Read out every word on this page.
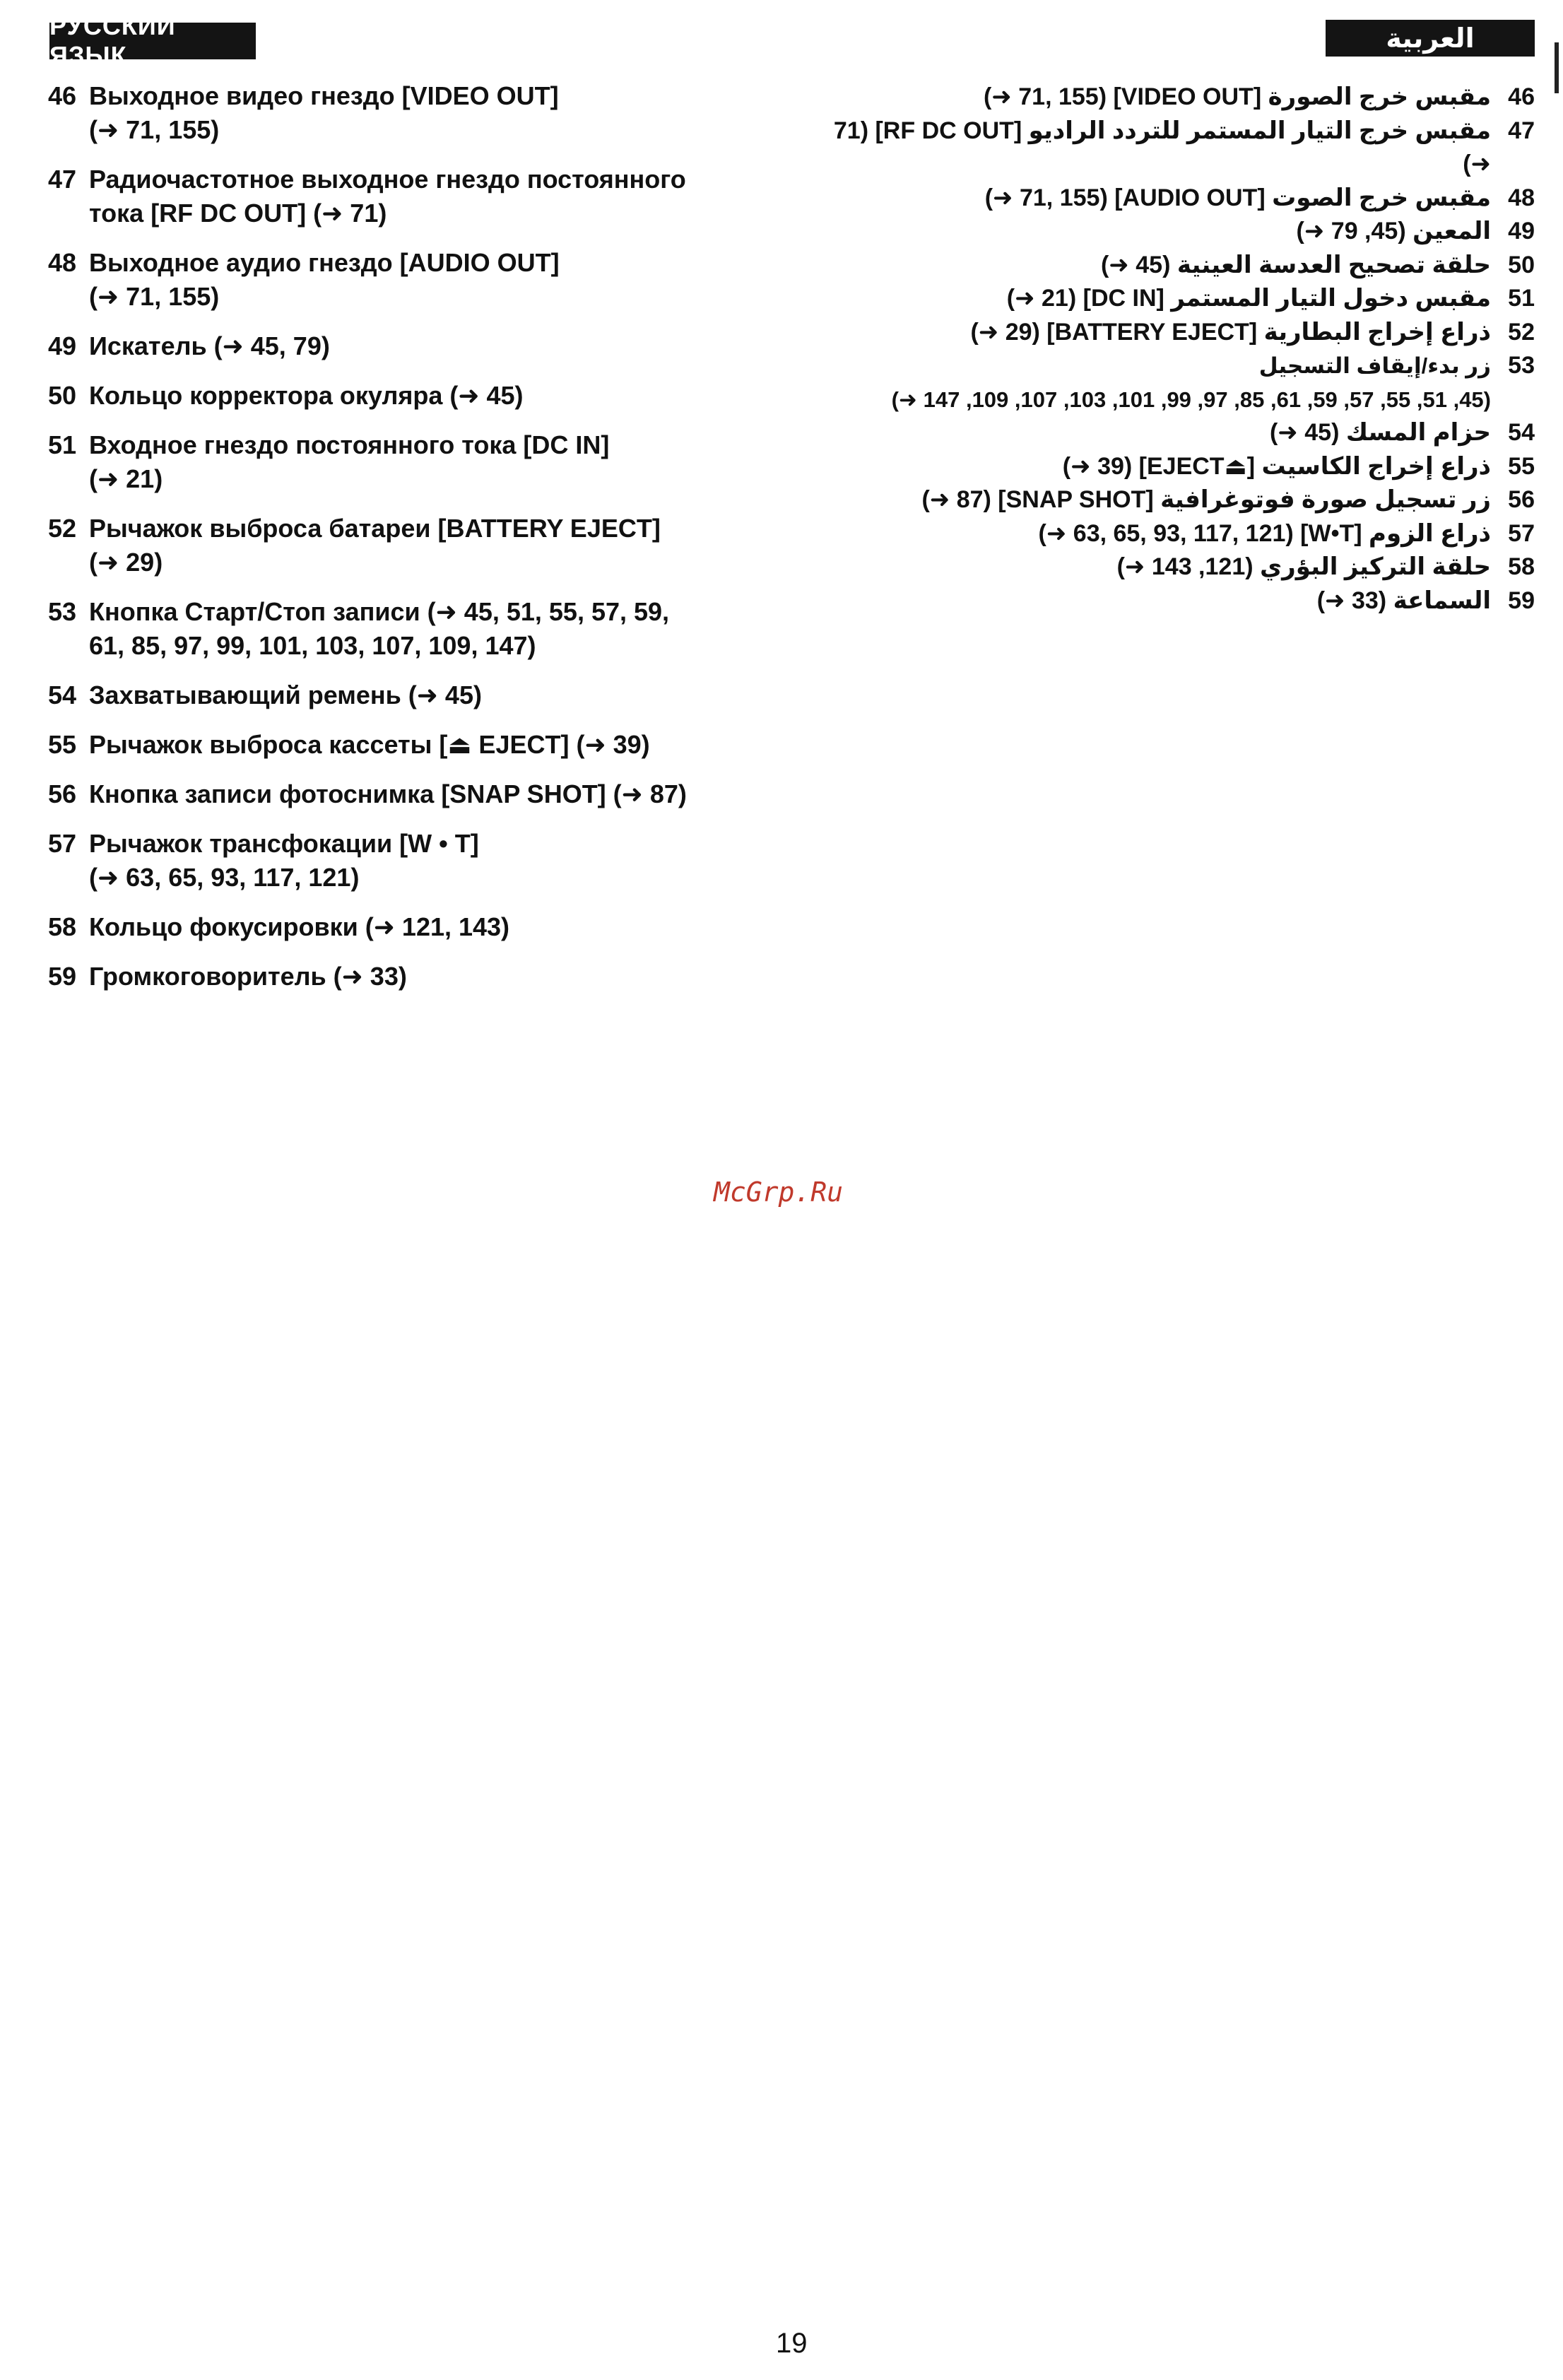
РУССКИЙ ЯЗЫК
العربية
46 Выходное видео гнездо [VIDEO OUT]
(➜ 71, 155)
47 Радиочастотное выходное гнездо постоянного
тока [RF DC OUT] (➜ 71)
48 Выходное аудио гнездо [AUDIO OUT]
(➜ 71, 155)
49 Искатель (➜ 45, 79)
50 Кольцо корректора окуляра (➜ 45)
51 Входное гнездо постоянного тока [DC IN]
(➜ 21)
52 Рычажок выброса батареи [BATTERY EJECT]
(➜ 29)
53 Кнопка Старт/Стоп записи (➜ 45, 51, 55, 57, 59,
61, 85, 97, 99, 101, 103, 107, 109, 147)
54 Захватывающий ремень (➜ 45)
55 Рычажок выброса кассеты [⏏ EJECT] (➜ 39)
56 Кнопка записи фотоснимка [SNAP SHOT] (➜ 87)
57 Рычажок трансфокации [W • T]
(➜ 63, 65, 93, 117, 121)
58 Кольцо фокусировки (➜ 121, 143)
59 Громкоговоритель (➜ 33)
46
مقبس خرج الصورة [VIDEO OUT] (71, 155 ➜)
47
مقبس خرج التيار المستمر للتردد الراديو [RF DC OUT] (71 ➜)
48
مقبس خرج الصوت [AUDIO OUT] (71, 155 ➜)
49
المعين (45, 79 ➜)
50
حلقة تصحيح العدسة العينية (45 ➜)
51
مقبس دخول التيار المستمر [DC IN] (21 ➜)
52
ذراع إخراج البطارية [BATTERY EJECT] (29 ➜)
53
زر بدء/إيقاف التسجيل
(45, 51, 55, 57, 59, 61, 85, 97, 99, 101, 103, 107, 109, 147 ➜)
54
حزام المسك (45 ➜)
55
ذراع إخراج الكاسيت [⏏EJECT] (39 ➜)
56
زر تسجيل صورة فوتوغرافية [SNAP SHOT] (87 ➜)
57
ذراع الزوم [W•T] (63, 65, 93, 117, 121 ➜)
58
حلقة التركيز البؤري (121, 143 ➜)
59
السماعة (33 ➜)
McGrp.Ru
19
